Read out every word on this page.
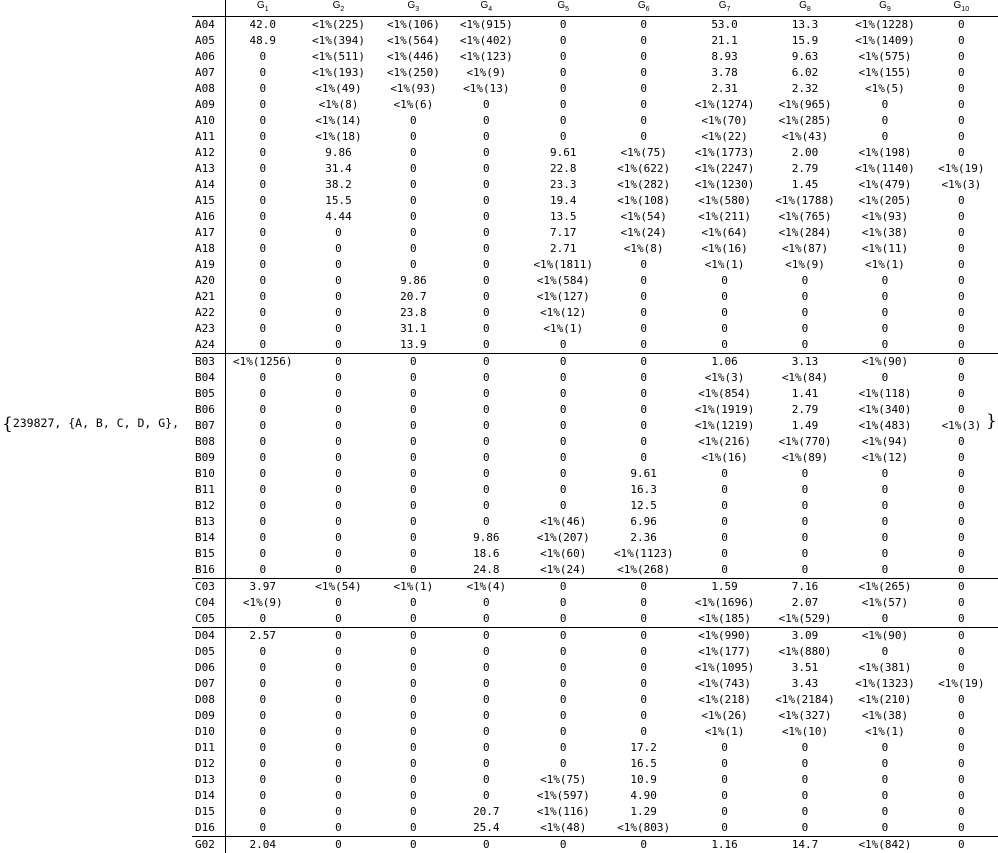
{239827, {A, B, C, D, G},
	$G_1$	$G_2$	$G_3$	$G_4$	$G_5$	$G_6$	$G_7$	$G_8$	$G_9$	$G_{10}$
A04	42.0	<1%(225)	<1%(106)	<1%(915)	0	0	53.0	13.3	<1%(1228)	0
A05	48.9	<1%(394)	<1%(564)	<1%(402)	0	0	21.1	15.9	<1%(1409)	0
A06	0	<1%(511)	<1%(446)	<1%(123)	0	0	8.93	9.63	<1%(575)	0
A07	0	<1%(193)	<1%(250)	<1%(9)	0	0	3.78	6.02	<1%(155)	0
A08	0	<1%(49)	<1%(93)	<1%(13)	0	0	2.31	2.32	<1%(5)	0
A09	0	<1%(8)	<1%(6)	0	0	0	<1%(1274)	<1%(965)	0	0
A10	0	<1%(14)	0	0	0	0	<1%(70)	<1%(285)	0	0
A11	0	<1%(18)	0	0	0	0	<1%(22)	<1%(43)	0	0
A12	0	9.86	0	0	9.61	<1%(75)	<1%(1773)	2.00	<1%(198)	0
A13	0	31.4	0	0	22.8	<1%(622)	<1%(2247)	2.79	<1%(1140)	<1%(19)
A14	0	38.2	0	0	23.3	<1%(282)	<1%(1230)	1.45	<1%(479)	<1%(3)
A15	0	15.5	0	0	19.4	<1%(108)	<1%(580)	<1%(1788)	<1%(205)	0
A16	0	4.44	0	0	13.5	<1%(54)	<1%(211)	<1%(765)	<1%(93)	0
A17	0	0	0	0	7.17	<1%(24)	<1%(64)	<1%(284)	<1%(38)	0
A18	0	0	0	0	2.71	<1%(8)	<1%(16)	<1%(87)	<1%(11)	0
A19	0	0	0	0	<1%(1811)	0	<1%(1)	<1%(9)	<1%(1)	0
A20	0	0	9.86	0	<1%(584)	0	0	0	0	0
A21	0	0	20.7	0	<1%(127)	0	0	0	0	0
A22	0	0	23.8	0	<1%(12)	0	0	0	0	0
A23	0	0	31.1	0	<1%(1)	0	0	0	0	0
A24	0	0	13.9	0	0	0	0	0	0	0
B03	<1%(1256)	0	0	0	0	0	1.06	3.13	<1%(90)	0
B04	0	0	0	0	0	0	<1%(3)	<1%(84)	0	0
B05	0	0	0	0	0	0	<1%(854)	1.41	<1%(118)	0
B06	0	0	0	0	0	0	<1%(1919)	2.79	<1%(340)	0
B07	0	0	0	0	0	0	<1%(1219)	1.49	<1%(483)	<1%(3)
B08	0	0	0	0	0	0	<1%(216)	<1%(770)	<1%(94)	0
B09	0	0	0	0	0	0	<1%(16)	<1%(89)	<1%(12)	0
B10	0	0	0	0	0	9.61	0	0	0	0
B11	0	0	0	0	0	16.3	0	0	0	0
B12	0	0	0	0	0	12.5	0	0	0	0
B13	0	0	0	0	<1%(46)	6.96	0	0	0	0
B14	0	0	0	9.86	<1%(207)	2.36	0	0	0	0
B15	0	0	0	18.6	<1%(60)	<1%(1123)	0	0	0	0
B16	0	0	0	24.8	<1%(24)	<1%(268)	0	0	0	0
C03	3.97	<1%(54)	<1%(1)	<1%(4)	0	0	1.59	7.16	<1%(265)	0
C04	<1%(9)	0	0	0	0	0	<1%(1696)	2.07	<1%(57)	0
C05	0	0	0	0	0	0	<1%(185)	<1%(529)	0	0
D04	2.57	0	0	0	0	0	<1%(990)	3.09	<1%(90)	0
D05	0	0	0	0	0	0	<1%(177)	<1%(880)	0	0
D06	0	0	0	0	0	0	<1%(1095)	3.51	<1%(381)	0
D07	0	0	0	0	0	0	<1%(743)	3.43	<1%(1323)	<1%(19)
D08	0	0	0	0	0	0	<1%(218)	<1%(2184)	<1%(210)	0
D09	0	0	0	0	0	0	<1%(26)	<1%(327)	<1%(38)	0
D10	0	0	0	0	0	0	<1%(1)	<1%(10)	<1%(1)	0
D11	0	0	0	0	0	17.2	0	0	0	0
D12	0	0	0	0	0	16.5	0	0	0	0
D13	0	0	0	0	<1%(75)	10.9	0	0	0	0
D14	0	0	0	0	<1%(597)	4.90	0	0	0	0
D15	0	0	0	20.7	<1%(116)	1.29	0	0	0	0
D16	0	0	0	25.4	<1%(48)	<1%(803)	0	0	0	0
G02	2.04	0	0	0	0	0	1.16	14.7	<1%(842)	0
}
